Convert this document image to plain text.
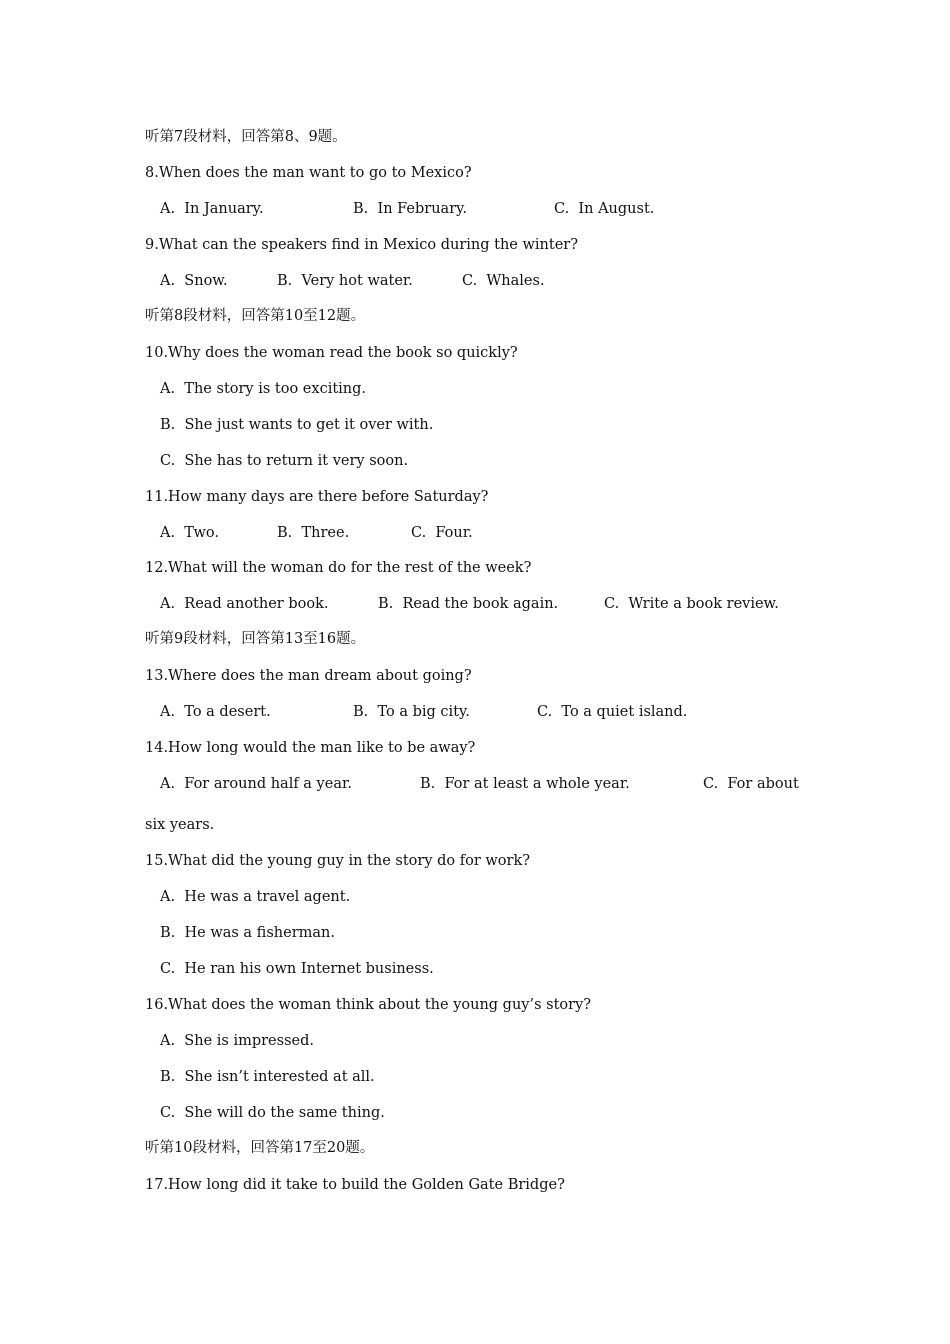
听第7段材料，回答第8、9题。
8.When does the man want to go to Mexico?
A.  In January.	B.  In February.	C.  In August.
9.What can the speakers find in Mexico during the winter?
A.  Snow.	B.  Very hot water.	C.  Whales.
听第8段材料，回答第10至12题。
10.Why does the woman read the book so quickly?
A.  The story is too exciting.
B.  She just wants to get it over with.
C.  She has to return it very soon.
11.How many days are there before Saturday?
A.  Two.	B.  Three.	C.  Four.
12.What will the woman do for the rest of the week?
A.  Read another book.	B.  Read the book again.	C.  Write a book review.
听第9段材料，回答第13至16题。
13.Where does the man dream about going?
A.  To a desert.	B.  To a big city.	C.  To a quiet island.
14.How long would the man like to be away?
A.  For around half a year.	B.  For at least a whole year.	C.  For about
six years.
15.What did the young guy in the story do for work?
A.  He was a travel agent.
B.  He was a fisherman.
C.  He ran his own Internet business.
16.What does the woman think about the young guy’s story?
A.  She is impressed.
B.  She isn’t interested at all.
C.  She will do the same thing.
听第10段材料，回答第17至20题。
17.How long did it take to build the Golden Gate Bridge?
